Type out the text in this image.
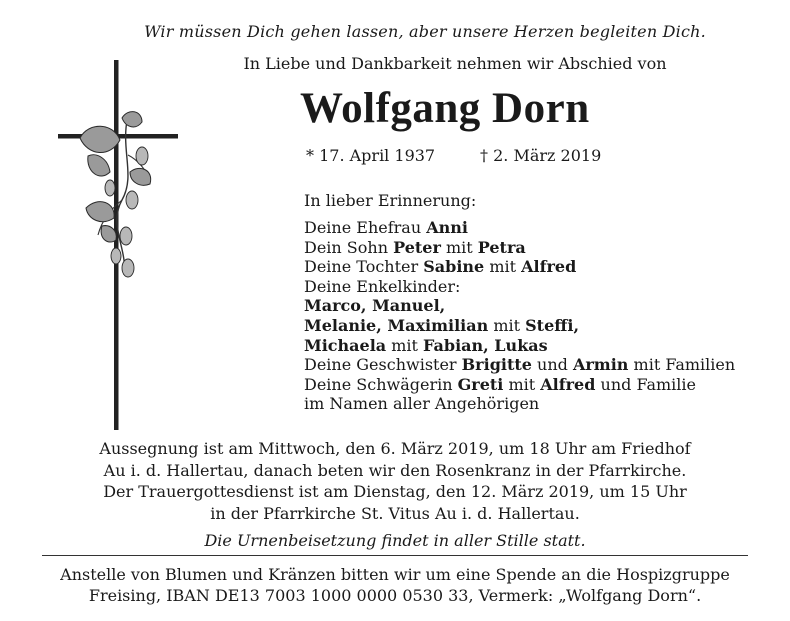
Wir müssen Dich gehen lassen, aber unsere Herzen begleiten Dich.
In Liebe und Dankbarkeit nehmen wir Abschied von
Wolfgang Dorn
* 17. April 1937	† 2. März 2019
In lieber Erinnerung:
Deine Ehefrau Anni
Dein Sohn Peter mit Petra
Deine Tochter Sabine mit Alfred
Deine Enkelkinder:
Marco, Manuel,
Melanie, Maximilian mit Steffi,
Michaela mit Fabian, Lukas
Deine Geschwister Brigitte und Armin mit Familien
Deine Schwägerin Greti mit Alfred und Familie
im Namen aller Angehörigen
Aussegnung ist am Mittwoch, den 6. März 2019, um 18 Uhr am Friedhof
Au i. d. Hallertau, danach beten wir den Rosenkranz in der Pfarrkirche.
Der Trauergottesdienst ist am Dienstag, den 12. März 2019, um 15 Uhr
in der Pfarrkirche St. Vitus Au i. d. Hallertau.
Die Urnenbeisetzung findet in aller Stille statt.
Anstelle von Blumen und Kränzen bitten wir um eine Spende an die Hospizgruppe
Freising, IBAN DE13 7003 1000 0000 0530 33, Vermerk: „Wolfgang Dorn“.
